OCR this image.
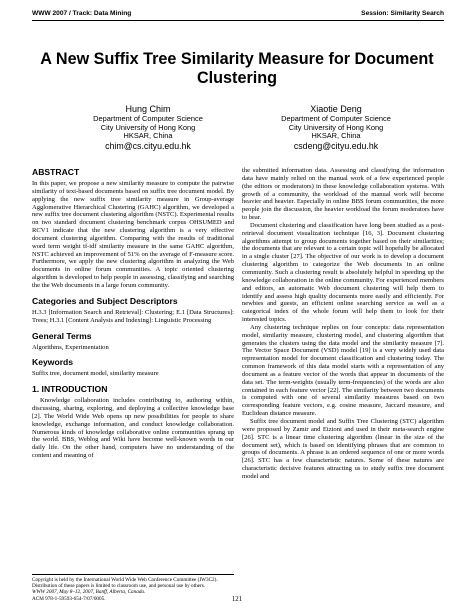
WWW 2007 / Track: Data Mining	Session: Similarity Search
A New Suffix Tree Similarity Measure for Document
Clustering
Hung Chim
Department of Computer Science
City University of Hong Kong
HKSAR, China
chim@cs.cityu.edu.hk
Xiaotie Deng
Department of Computer Science
City University of Hong Kong
HKSAR, China
csdeng@cityu.edu.hk
ABSTRACT

In this paper, we propose a new similarity measure to compute the pairwise similarity of text-based documents based on suffix tree document model. By applying the new suffix tree similarity measure in Group-average Agglomerative Hierarchical Clustering (GAHC) algorithm, we developed a new suffix tree document clustering algorithm (NSTC). Experimental results on two standard document clustering benchmark corpus OHSUMED and RCV1 indicate that the new clustering algorithm is a very effective document clustering algorithm. Comparing with the results of traditional word term weight tf-idf similarity measure in the same GAHC algorithm, NSTC achieved an improvement of 51% on the average of F-measure score. Furthermore, we apply the new clustering algorithm in analyzing the Web documents in online forum communities. A topic oriented clustering algorithm is developed to help people in assessing, classifying and searching the the Web documents in a large forum community.

Categories and Subject Descriptors

H.3.3 [Information Search and Retrieval]: Clustering; E.1 [Data Structures]: Trees; H.3.1 [Content Analysis and Indexing]: Linguistic Processing

General Terms

Algorithms, Experimentation

Keywords

Suffix tree, document model, similarity measure

1. INTRODUCTION

Knowledge collaboration includes contributing to, authoring within, discussing, sharing, exploring, and deploying a collective knowledge base [2]. The World Wide Web opens up new possibilities for people to share knowledge, exchange information, and conduct knowledge collaboration. Numerous kinds of knowledge collaborative online communities sprang up the world. BBS, Weblog and Wiki have become well-known words in our daily life. On the other hand, computers have no understanding of the content and meaning of

Copyright is held by the International World Wide Web Conference Committee (IW3C2). Distribution of these papers is limited to classroom use, and personal use by others.
WWW 2007, May 8–12, 2007, Banff, Alberta, Canada.
ACM 978-1-59593-654-7/07/0005.

the submitted information data. Assessing and classifying the information data have mainly relied on the manual work of a few experienced people (the editors or moderators) in these knowledge collaboration systems. With growth of a community, the workload of the manual work will become heavier and heavier. Especially in online BBS forum communities, the more people join the discussion, the heavier workload the forum moderators have to bear.

Document clustering and classification have long been studied as a post-retrieval document visualization technique [16, 3]. Document clustering algorithms attempt to group documents together based on their similarities; the documents that are relevant to a certain topic will hopefully be allocated in a single cluster [27]. The objective of our work is to develop a document clustering algorithm to categorize the Web documents in an online community. Such a clustering result is absolutely helpful in speeding up the knowledge collaboration in the online community. For experienced members and editors, an automatic Web document clustering will help them to identify and assess high quality documents more easily and efficiently. For newbies and guests, an efficient online searching service as well as a categorical index of the whole forum will help them to look for their interested topics.

Any clustering technique replies on four concepts: data representation model, similarity measure, clustering model, and clustering algorithm that generates the clusters using the data model and the similarity measure [7]. The Vector Space Document (VSD) model [19] is a very widely used data representation model for document classification and clustering today. The common framework of this data model starts with a representation of any document as a feature vector of the words that appear in documents of the data set. The term-weights (usually term-frequencies) of the words are also contained in each feature vector [22]. The similarity between two documents is computed with one of several similarity measures based on two corresponding feature vectors, e.g. cosine measure, Jaccard measure, and Euclidean distance measure.

Suffix tree document model and Suffix Tree Clustering (STC) algorithm were proposed by Zamir and Etzioni and used in their meta-search engine [26]. STC is a linear time clustering algorithm (linear in the size of the document set), which is based on identifying phrases that are common to groups of documents. A phrase is an ordered sequence of one or more words [26]. STC has a few characteristic natures. Some of these natures are characteristic decisive features attracting us to study suffix tree document model and

121
